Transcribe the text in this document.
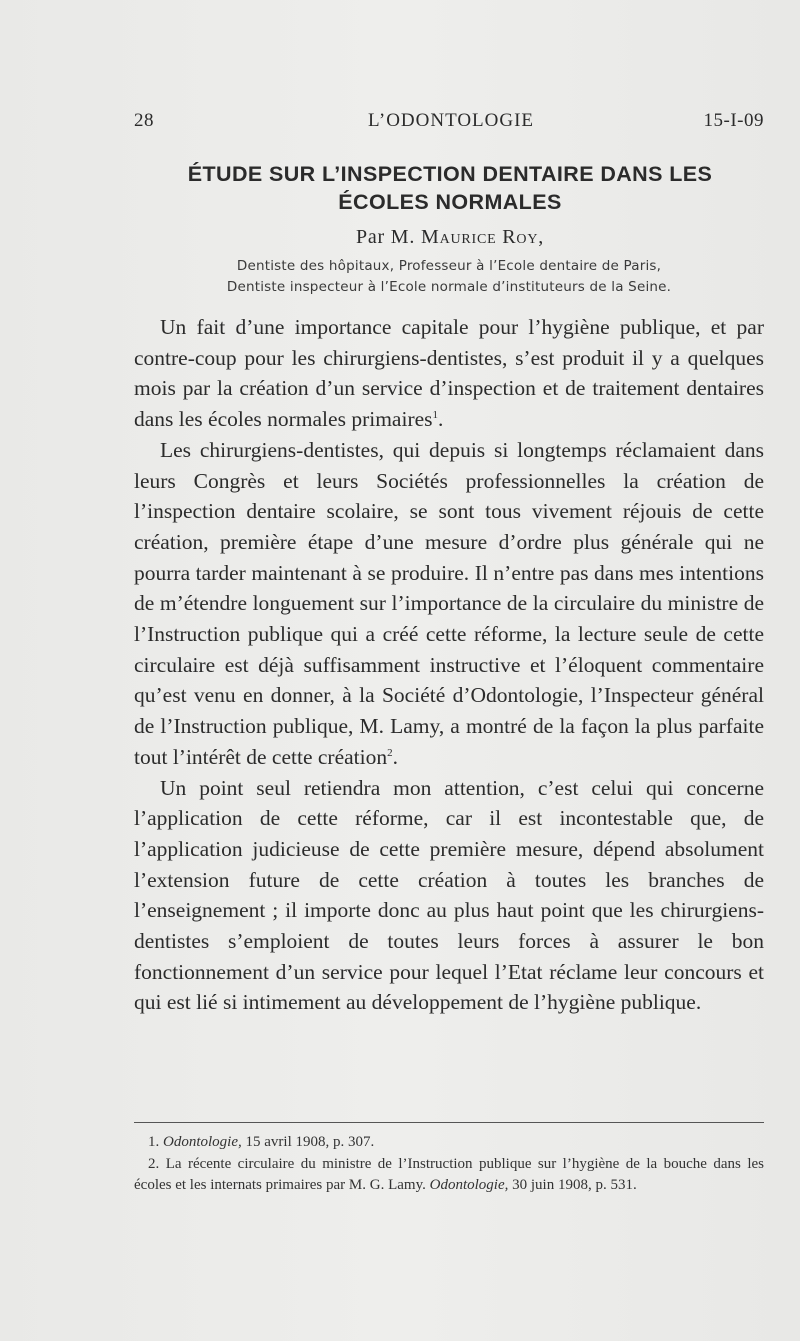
28	L’ODONTOLOGIE	15-I-09
ÉTUDE SUR L’INSPECTION DENTAIRE DANS LES
ÉCOLES NORMALES
Par M. Maurice Roy,
Dentiste des hôpitaux, Professeur à l’Ecole dentaire de Paris,
Dentiste inspecteur à l’Ecole normale d’instituteurs de la Seine.

Un fait d’une importance capitale pour l’hygiène publique, et par contre-coup pour les chirurgiens-dentistes, s’est produit il y a quelques mois par la création d’un service d’inspection et de traitement dentaires dans les écoles normales primaires$^1$.

Les chirurgiens-dentistes, qui depuis si longtemps réclamaient dans leurs Congrès et leurs Sociétés professionnelles la création de l’inspection dentaire scolaire, se sont tous vivement réjouis de cette création, première étape d’une mesure d’ordre plus générale qui ne pourra tarder maintenant à se produire. Il n’entre pas dans mes intentions de m’étendre longuement sur l’importance de la circulaire du ministre de l’Instruction publique qui a créé cette réforme, la lecture seule de cette circulaire est déjà suffisamment instructive et l’éloquent commentaire qu’est venu en donner, à la Société d’Odontologie, l’Inspecteur général de l’Instruction publique, M. Lamy, a montré de la façon la plus parfaite tout l’intérêt de cette création$^2$.

Un point seul retiendra mon attention, c’est celui qui concerne l’application de cette réforme, car il est incontestable que, de l’application judicieuse de cette première mesure, dépend absolument l’extension future de cette création à toutes les branches de l’enseignement ; il importe donc au plus haut point que les chirurgiens-dentistes s’emploient de toutes leurs forces à assurer le bon fonctionnement d’un service pour lequel l’Etat réclame leur concours et qui est lié si intimement au développement de l’hygiène publique.

1. Odontologie, 15 avril 1908, p. 307.

2. La récente circulaire du ministre de l’Instruction publique sur l’hygiène de la bouche dans les écoles et les internats primaires par M. G. Lamy. Odontologie, 30 juin 1908, p. 531.
